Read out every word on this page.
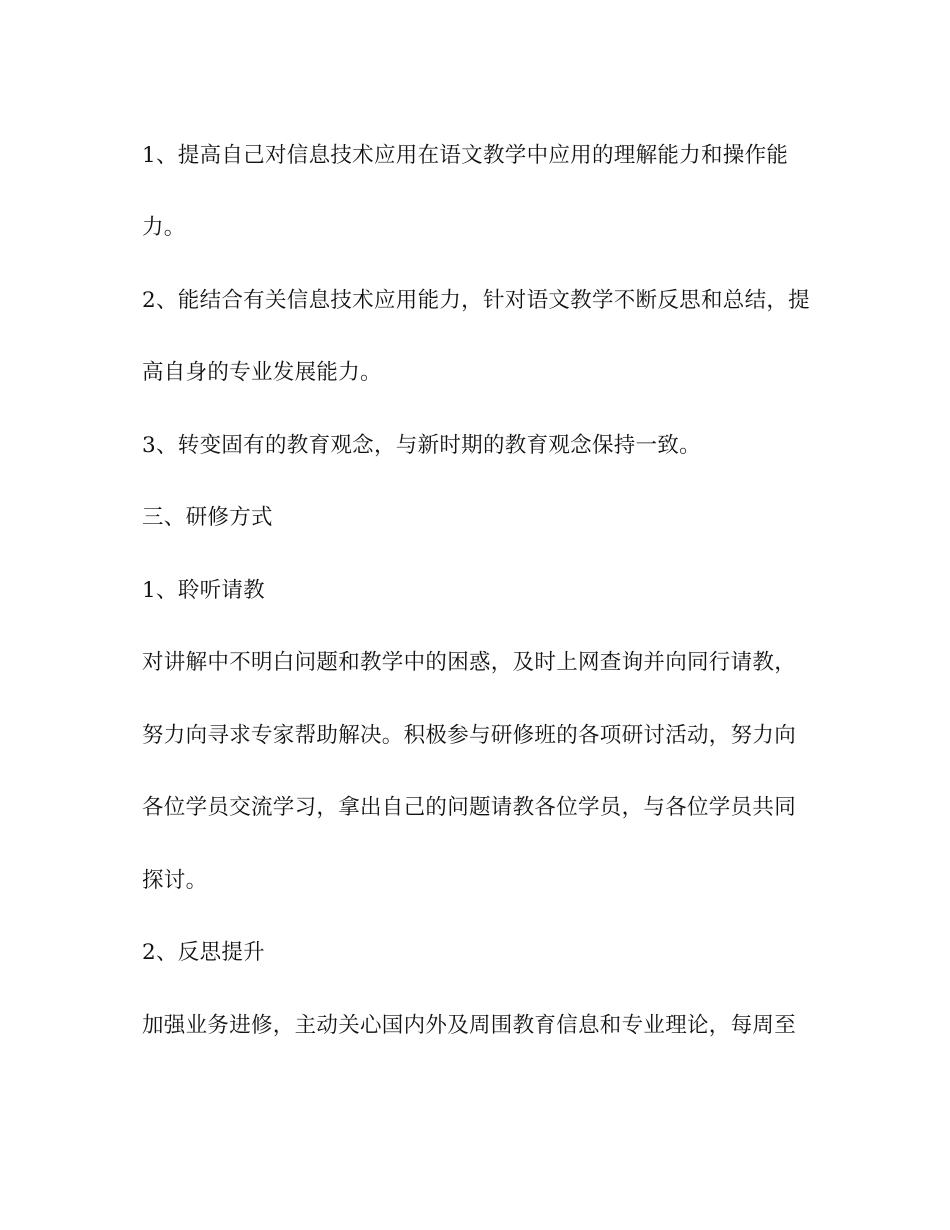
1、提高自己对信息技术应用在语文教学中应用的理解能力和操作能
力。
2、能结合有关信息技术应用能力，针对语文教学不断反思和总结，提
高自身的专业发展能力。
3、转变固有的教育观念，与新时期的教育观念保持一致。
三、研修方式
1、聆听请教
对讲解中不明白问题和教学中的困惑，及时上网查询并向同行请教，
努力向寻求专家帮助解决。积极参与研修班的各项研讨活动，努力向
各位学员交流学习，拿出自己的问题请教各位学员，与各位学员共同
探讨。
2、反思提升
加强业务进修，主动关心国内外及周围教育信息和专业理论，每周至
